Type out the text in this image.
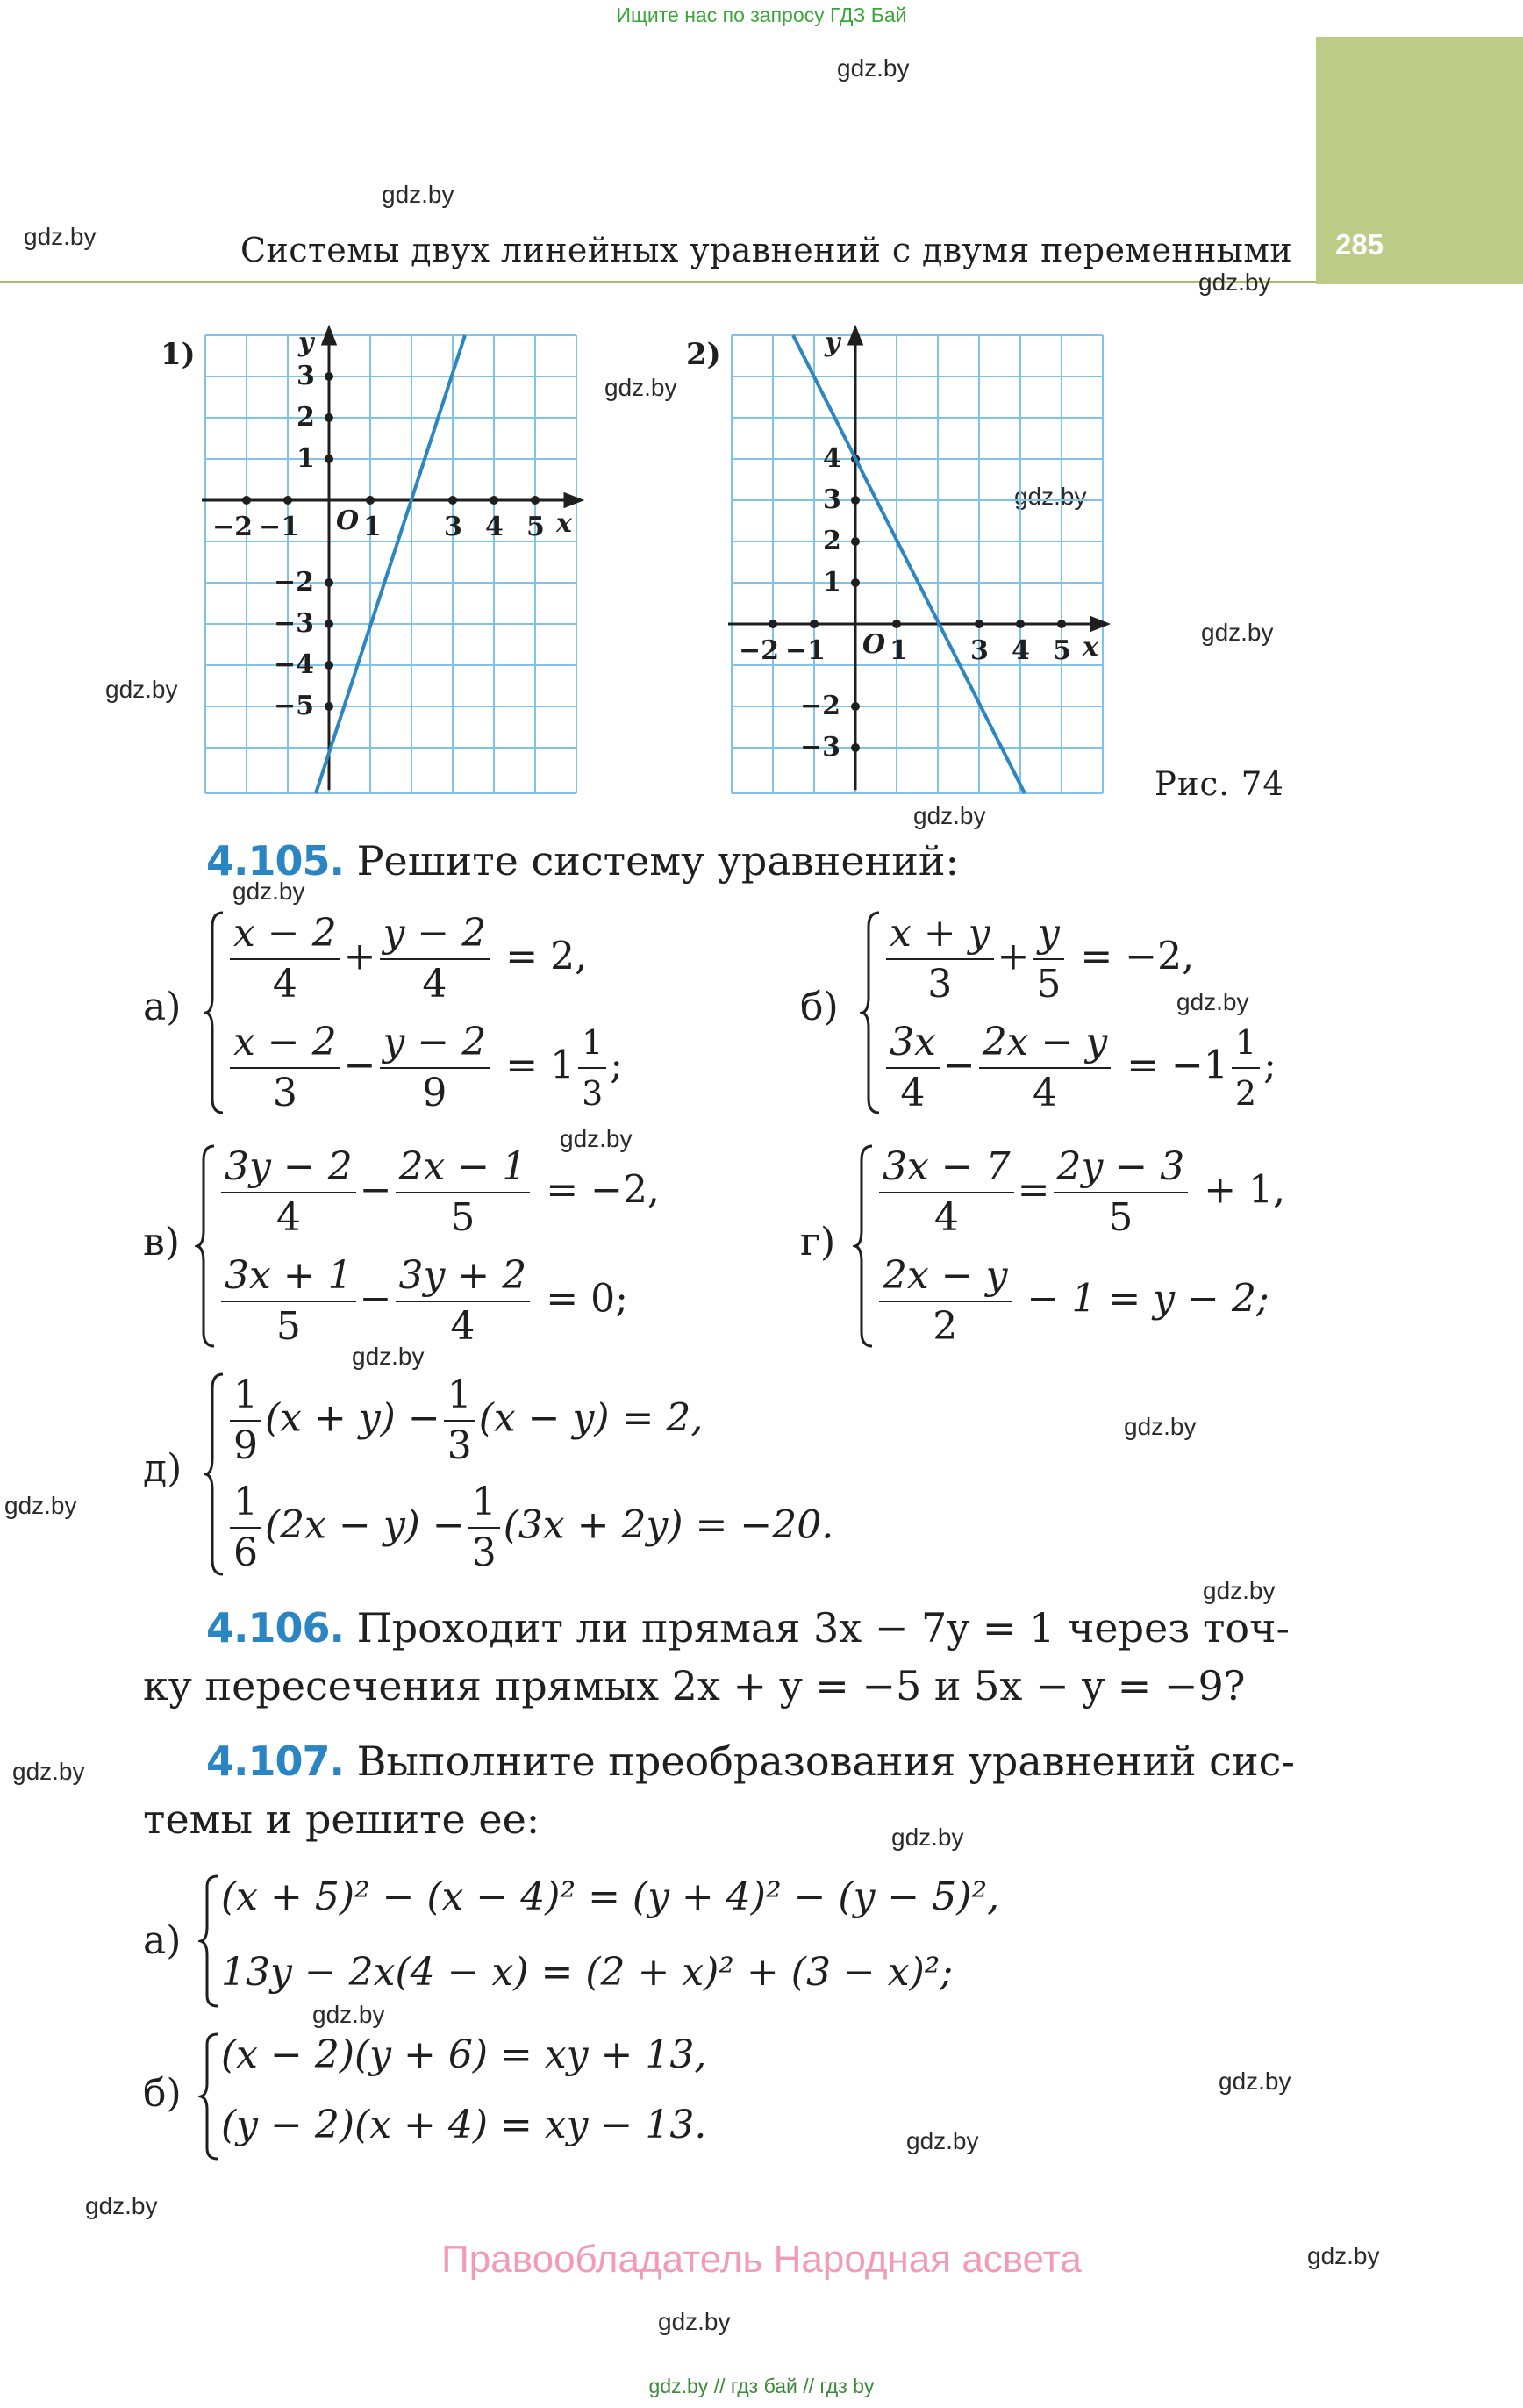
Ищите нас по запросу ГДЗ Бай
285
Системы двух линейных уравнений с двумя переменными
gdz.by
gdz.by
gdz.by
gdz.by
gdz.by
gdz.by
gdz.by
gdz.by
gdz.by
gdz.by
gdz.by
gdz.by
gdz.by
gdz.by
gdz.by
gdz.by
gdz.by
gdz.by
gdz.by
gdz.by
gdz.by
gdz.by
gdz.by
gdz.by
1)
−2 −1 1 3 4 5
3
2
1
−2
−3
−4
−5
O	x
y	2)
−2 −1 1 3 4 5
4
3
2
1
−2
−3
O	x
y
Рис. 74
4.105. Решите систему уравнений:
$а) \frac{x - 2}{4} + \frac{y - 2}{4} = 2$,
$\frac{x - 2}{3} - \frac{y - 2}{9} = 1 \frac{1}{3}$ ;
$б) \frac{x + y}{3} + \frac{y}{5} = -2$,
$\frac{3x}{4} - \frac{2x - y}{4} = -1 \frac{1}{2}$ ;
$в) \frac{3y - 2}{4} - \frac{2x - 1}{5} = -2$,
$\frac{3x + 1}{5} - \frac{3y + 2}{4} = 0$;
$г) \frac{3x - 7}{4} = \frac{2y - 3}{5} + 1$,
$\frac{2x - y}{2} - 1 = y - 2$;
$д) \frac{1}{9} (x + y) - \frac{1}{3} (x - y) = 2$,
$\frac{1}{6} (2x - y) - \frac{1}{3} (3x + 2y) = -20$.
4.106. Проходит ли прямая 3x − 7y = 1 через точ-
ку пересечения прямых 2x + y = −5 и 5x − y = −9?
4.107. Выполните преобразования уравнений сис-
темы и решите ее:
а)
(x + 5)² − (x − 4)² = (y + 4)² − (y − 5)²,
13y − 2x(4 − x) = (2 + x)² + (3 − x)²;
б)
(x − 2)(y + 6) = xy + 13,
(y − 2)(x + 4) = xy − 13.
Правообладатель Народная асвета
gdz.by // гдз бай // гдз by
